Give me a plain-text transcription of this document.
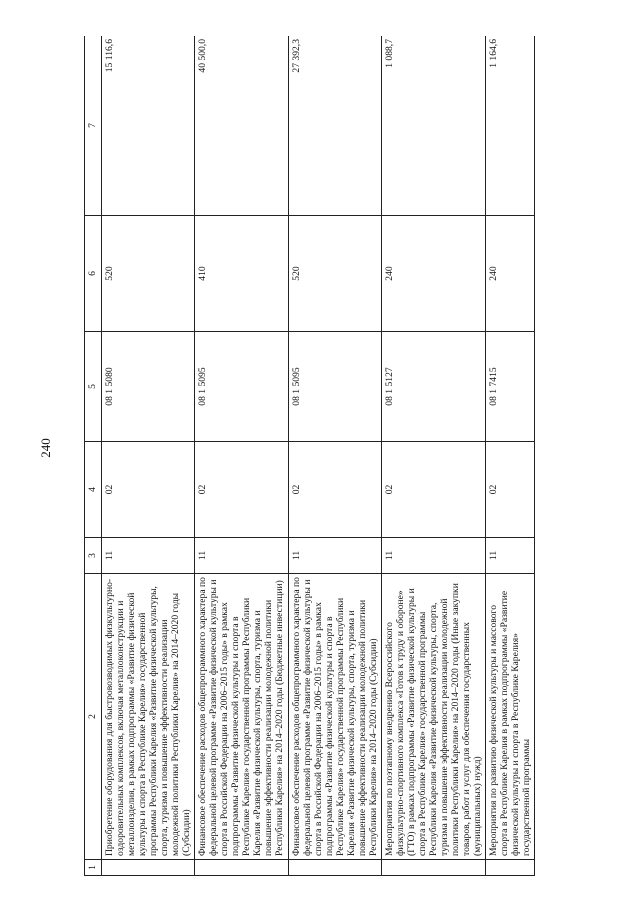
240
1	2	3	4	5	6	7
	Приобретение оборудования для быстровозводимых физкультурно-оздоровительных комплексов, включая металлоконструкции и металлоизделия, в рамках подпрограммы «Развитие физической культуры и спорта в Республике Карелия» государственной программы Республики Карелия «Развитие физической культуры, спорта, туризма и повышение эффективности реализации молодежной политики Республики Карелия» на 2014–2020 годы (Субсидии)	11	02	08 1 5080	520	15 116,6
	Финансовое обеспечение расходов общепрограммного характера по федеральной целевой программе «Развитие физической культуры и спорта в Российской Федерации на 2006–2015 годы» в рамках подпрограммы «Развитие физической культуры и спорта в Республике Карелия» государственной программы Республики Карелия «Развитие физической культуры, спорта, туризма и повышение эффективности реализации молодежной политики Республики Карелия» на 2014–2020 годы (Бюджетные инвестиции)	11	02	08 1 5095	410	40 500,0
	Финансовое обеспечение расходов общепрограммного характера по федеральной целевой программе «Развитие физической культуры и спорта в Российской Федерации на 2006–2015 годы» в рамках подпрограммы «Развитие физической культуры и спорта в Республике Карелия» государственной программы Республики Карелия «Развитие физической культуры, спорта, туризма и повышение эффективности реализации молодежной политики Республики Карелия» на 2014–2020 годы (Субсидии)	11	02	08 1 5095	520	27 392,3
	Мероприятия по поэтапному внедрению Всероссийского физкультурно-спортивного комплекса «Готов к труду и обороне» (ГТО) в рамках подпрограммы «Развитие физической культуры и спорта в Республике Карелия» государственной программы Республики Карелия «Развитие физической культуры, спорта, туризма и повышение эффективности реализации молодежной политики Республики Карелия» на 2014–2020 годы (Иные закупки товаров, работ и услуг для обеспечения государственных (муниципальных) нужд)	11	02	08 1 5127	240	1 088,7
	Мероприятия по развитию физической культуры и массового спорта в Республике Карелия в рамках подпрограммы «Развитие физической культуры и спорта в Республике Карелия» государственной программы	11	02	08 1 7415	240	1 164,6
